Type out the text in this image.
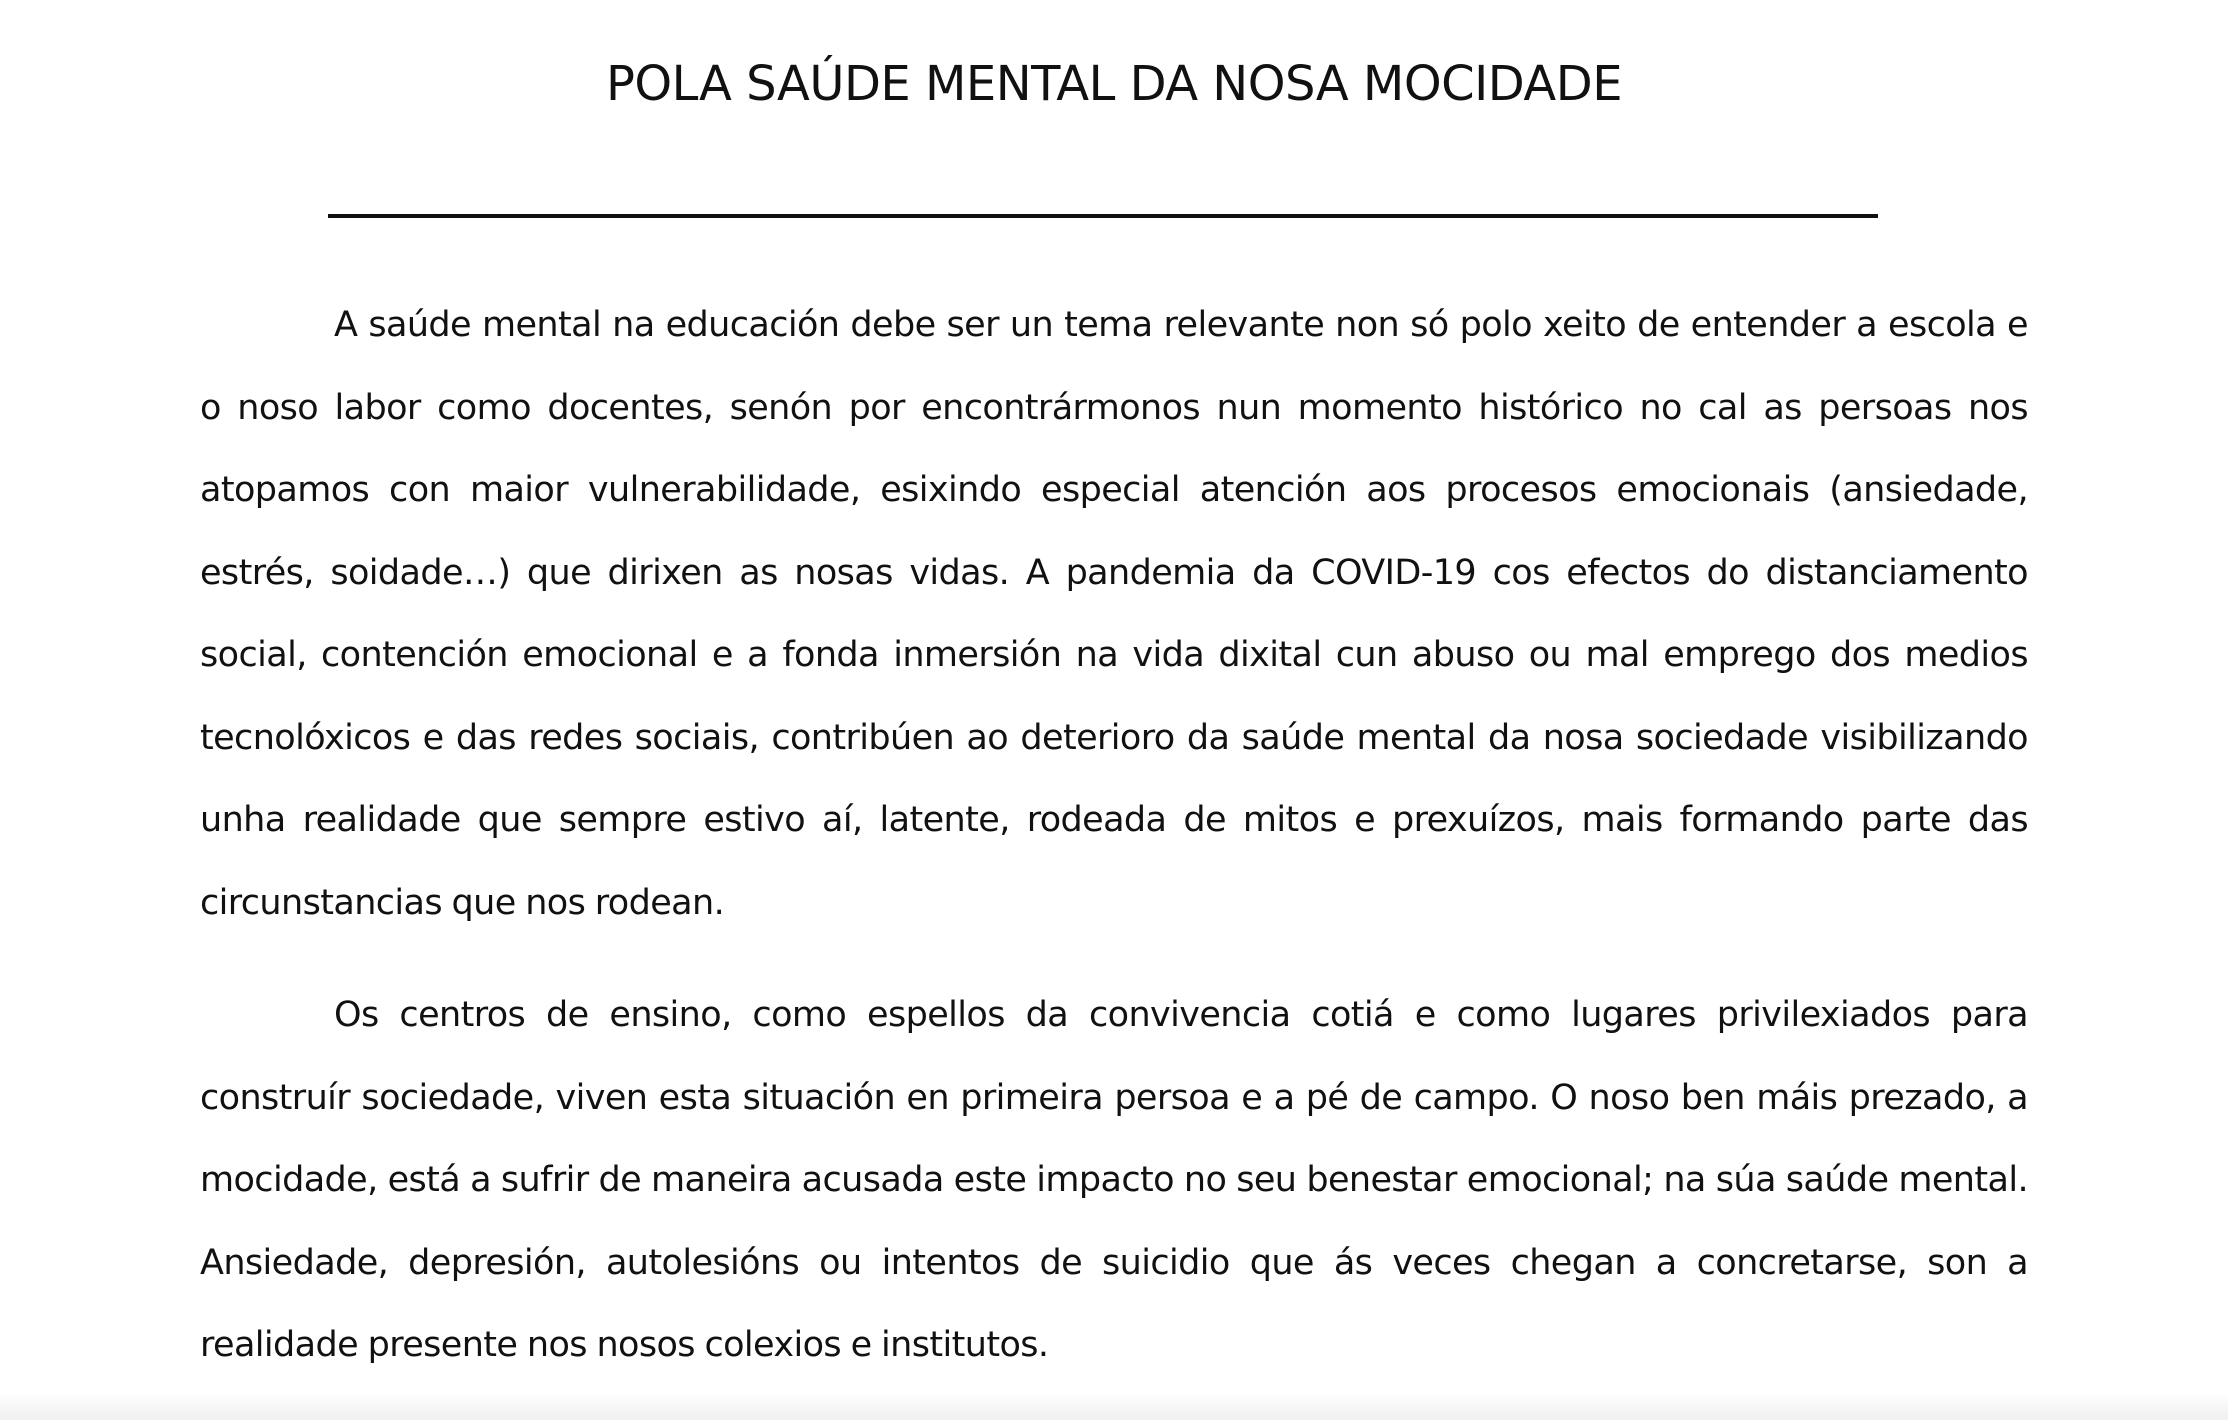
POLA SAÚDE MENTAL DA NOSA MOCIDADE

A saúde mental na educación debe ser un tema relevante non só polo xeito de entender a escola e o noso labor como docentes, senón por encontrármonos nun momento histórico no cal as persoas nos atopamos con maior vulnerabilidade, esixindo especial atención aos procesos emocionais (ansiedade, estrés, soidade…) que dirixen as nosas vidas. A pandemia da COVID-19 cos efectos do distanciamento social, contención emocional e a fonda inmersión na vida dixital cun abuso ou mal emprego dos medios tecnolóxicos e das redes sociais, contribúen ao deterioro da saúde mental da nosa sociedade visibilizando unha realidade que sempre estivo aí, latente, rodeada de mitos e prexuízos, mais formando parte das circunstancias que nos rodean.

Os centros de ensino, como espellos da convivencia cotiá e como lugares privilexiados para construír sociedade, viven esta situación en primeira persoa e a pé de campo. O noso ben máis prezado, a mocidade, está a sufrir de maneira acusada este impacto no seu benestar emocional; na súa saúde mental. Ansiedade, depresión, autolesións ou intentos de suicidio que ás veces chegan a concretarse, son a realidade presente nos nosos colexios e institutos.
